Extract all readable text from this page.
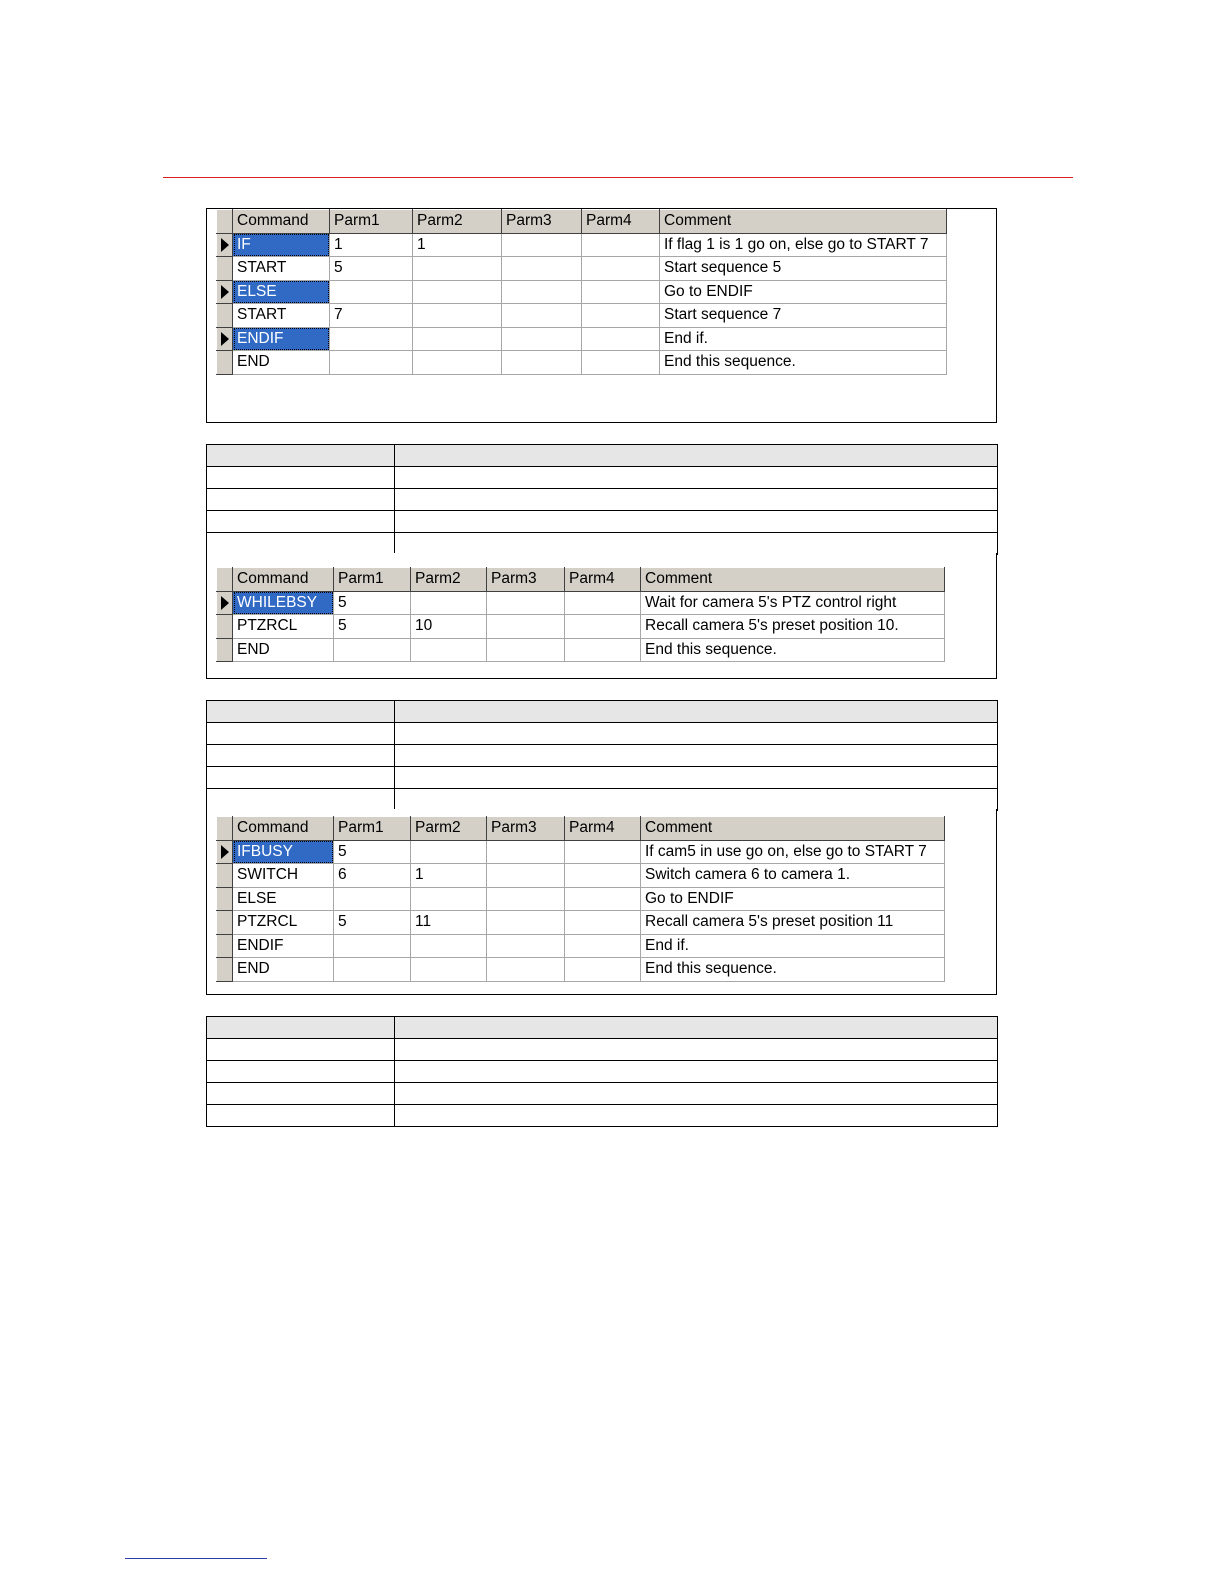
	Command	Parm1	Parm2	Parm3	Parm4	Comment

	IF	1	1			If flag 1 is 1 go on, else go to START 7
	START	5				Start sequence 5

	ELSE					Go to ENDIF
	START	7				Start sequence 7

	ENDIF					End if.
	END					End this sequence.

	Command	Parm1	Parm2	Parm3	Parm4	Comment

	WHILEBSY	5				Wait for camera 5's PTZ control right
	PTZRCL	5	10			Recall camera 5's preset position 10.
	END					End this sequence.

	Command	Parm1	Parm2	Parm3	Parm4	Comment

	IFBUSY	5				If cam5 in use go on, else go to START 7
	SWITCH	6	1			Switch camera 6 to camera 1.
	ELSE					Go to ENDIF
	PTZRCL	5	11			Recall camera 5's preset position 11
	ENDIF					End if.
	END					End this sequence.
